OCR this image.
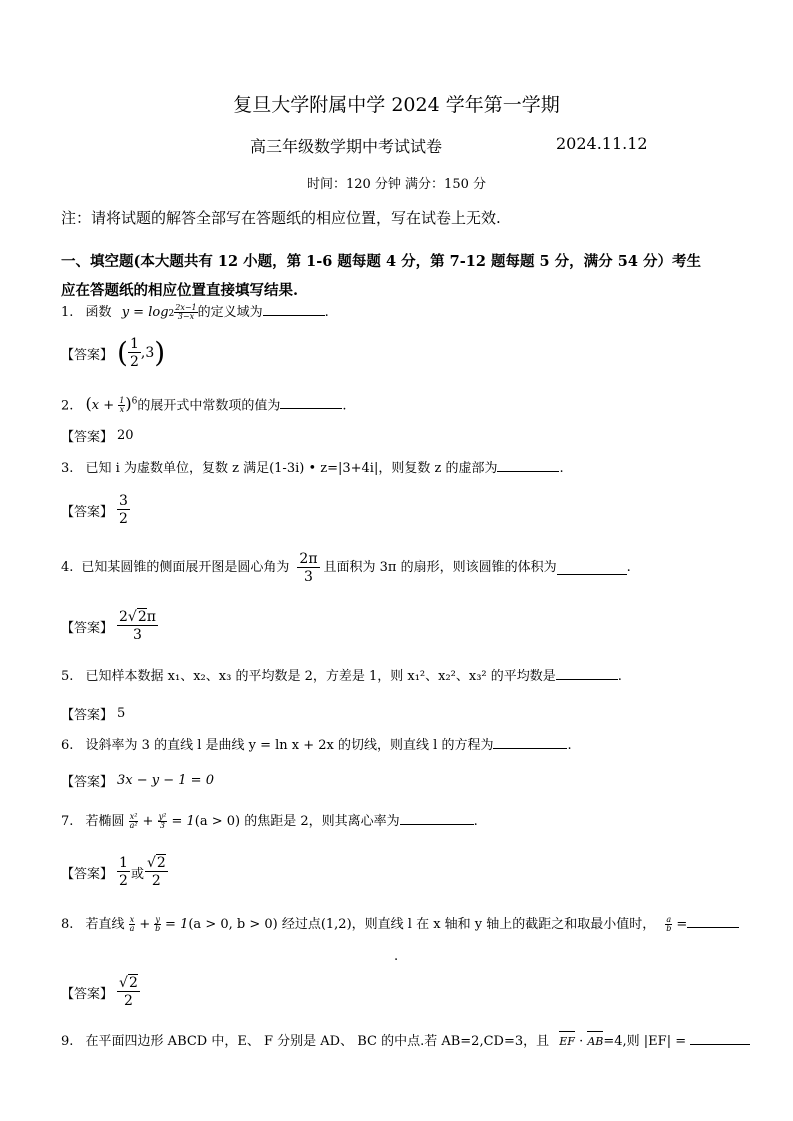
复旦大学附属中学 2024 学年第一学期
高三年级数学期中考试试卷	2024.11.12
时间：120 分钟 满分：150 分
注：请将试题的解答全部写在答题纸的相应位置，写在试卷上无效.
一、填空题(本大题共有 12 小题，第 1-6 题每题 4 分，第 7-12 题每题 5 分，满分 54 分）考生
应在答题纸的相应位置直接填写结果.
1. 函数 $y = \log 2 \frac{2x-1}{3-x}$ 的定义域为	.
【答案】 ( $\frac{1}{2} ,3$ )
2. $(x + \frac{1}{x} )^6$的展开式中常数项的值为	.
【答案】 20
3. 已知 i 为虚数单位，复数 z 满足(1-3i) • z=|3+4i|，则复数 z 的虚部为	.
【答案】 $\frac{3}{2}$
4. 已知某圆锥的侧面展开图是圆心角为 $\frac{2\pi}{3}$ 且面积为 3π 的扇形，则该圆锥的体积为	.
【答案】 $\frac{2√2\pi}{3}$
5. 已知样本数据 x₁、x₂、x₃ 的平均数是 2，方差是 1，则 x₁²、x₂²、x₃² 的平均数是	.
【答案】 5
6. 设斜率为 3 的直线 l 是曲线 y = ln x + 2x 的切线，则直线 l 的方程为	.
【答案】 3x − y − 1 = 0
7. 若椭圆 $\frac{\text{x²}}{\text{a²}} + \frac{\text{y²}}{3} = 1(a > 0)$ 的焦距是 2，则其离心率为	.
【答案】 $\frac{1}{2}$ 或 $\frac{√2}{2}$
8. 若直线 $\frac{x}{a} + \frac{y}{b} = 1(a > 0$, b > 0) 经过点(1,2)，则直线 l 在 x 轴和 y 轴上的截距之和取最小值时， $\frac{a}{b}$ =
.
【答案】 $\frac{√2}{2}$
9. 在平面四边形 ABCD 中，E、 F 分别是 AD、 BC 的中点.若 AB=2,CD=3，且 EF · AB=4,则 |EF| =
